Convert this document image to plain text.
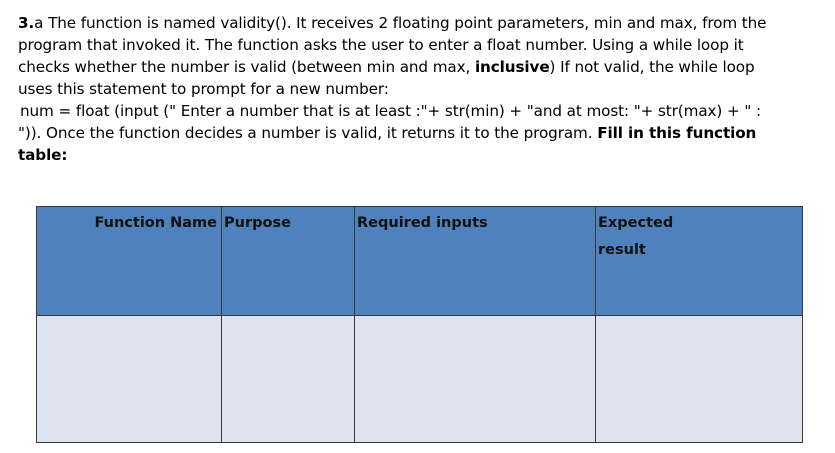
3.a The function is named validity(). It receives 2 floating point parameters, min and max, from the

program that invoked it. The function asks the user to enter a float number. Using a while loop it

checks whether the number is valid (between min and max, inclusive) If not valid, the while loop

uses this statement to prompt for a new number:

num = float (input (" Enter a number that is at least :"+ str(min) + "and at most: "+ str(max) + " :

")). Once the function decides a number is valid, it returns it to the program. Fill in this function

table:

Function Name	Purpose	Required inputs	Expected result
